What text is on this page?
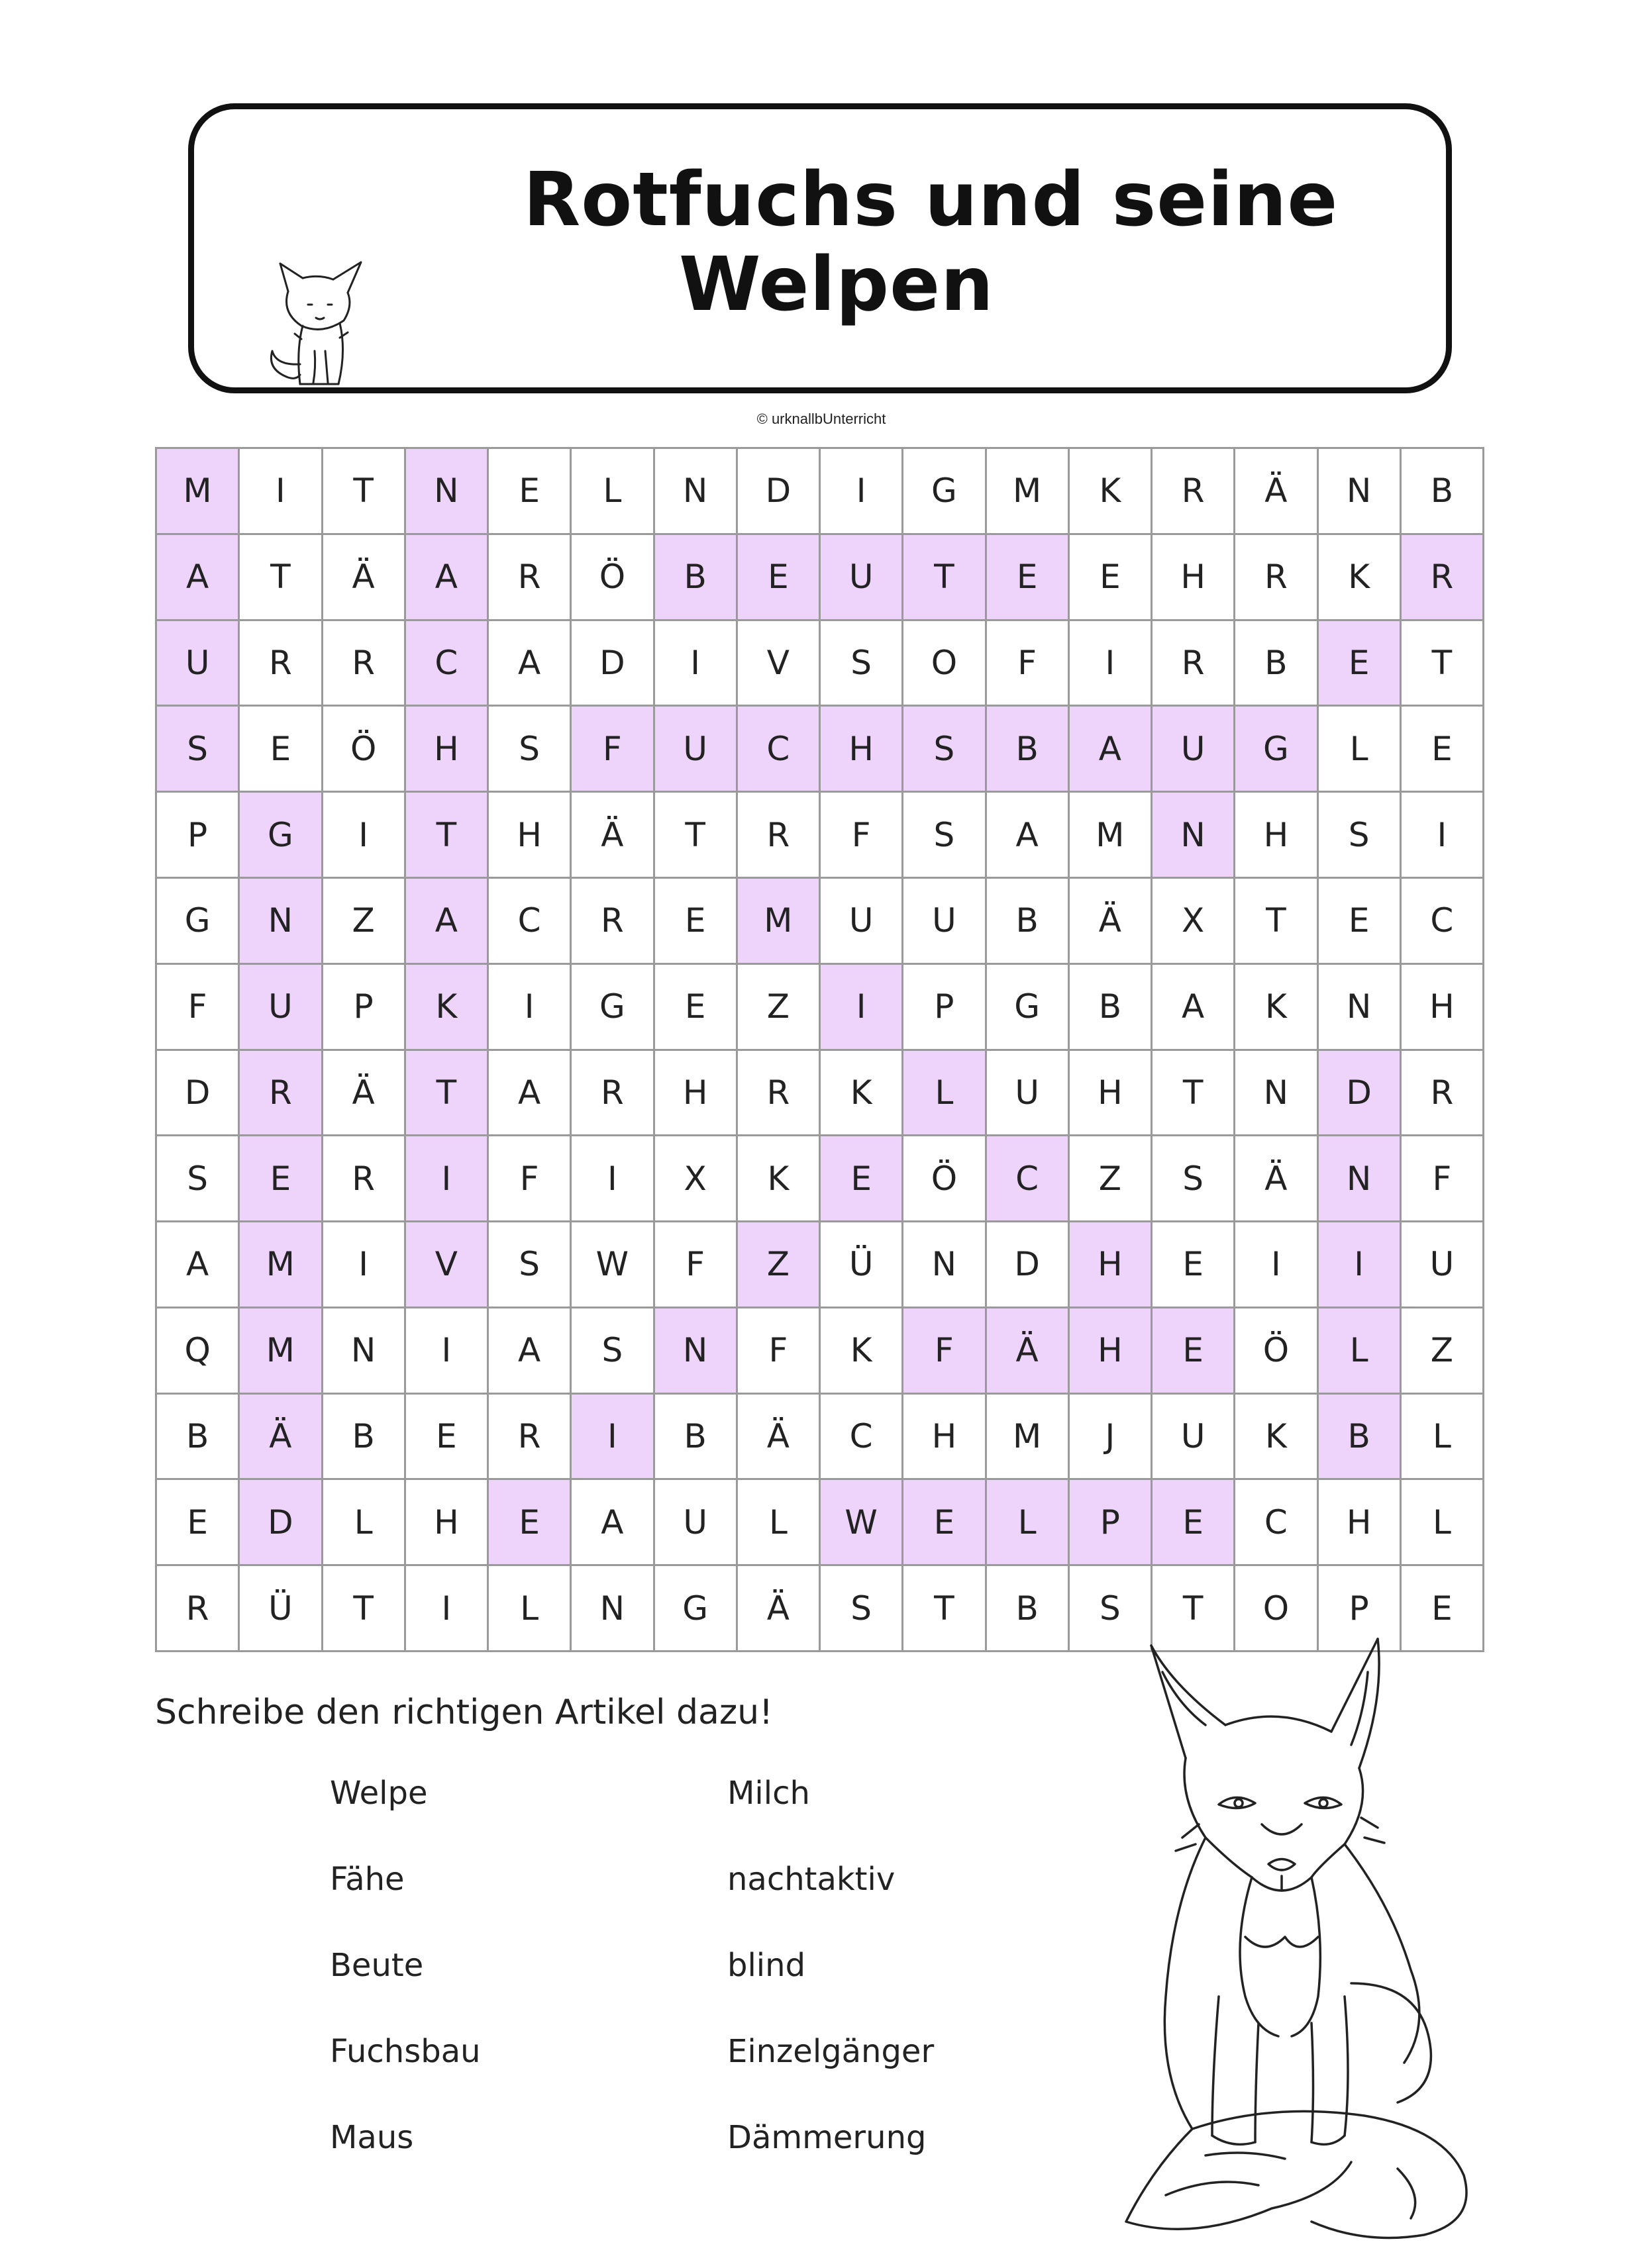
Rotfuchs und seine
Welpen
© urknallbUnterricht
M	I	T	N	E	L	N	D	I	G	M	K	R	Ä	N	B
A	T	Ä	A	R	Ö	B	E	U	T	E	E	H	R	K	R
U	R	R	C	A	D	I	V	S	O	F	I	R	B	E	T
S	E	Ö	H	S	F	U	C	H	S	B	A	U	G	L	E
P	G	I	T	H	Ä	T	R	F	S	A	M	N	H	S	I
G	N	Z	A	C	R	E	M	U	U	B	Ä	X	T	E	C
F	U	P	K	I	G	E	Z	I	P	G	B	A	K	N	H
D	R	Ä	T	A	R	H	R	K	L	U	H	T	N	D	R
S	E	R	I	F	I	X	K	E	Ö	C	Z	S	Ä	N	F
A	M	I	V	S	W	F	Z	Ü	N	D	H	E	I	I	U
Q	M	N	I	A	S	N	F	K	F	Ä	H	E	Ö	L	Z
B	Ä	B	E	R	I	B	Ä	C	H	M	J	U	K	B	L
E	D	L	H	E	A	U	L	W	E	L	P	E	C	H	L
R	Ü	T	I	L	N	G	Ä	S	T	B	S	T	O	P	E
Schreibe den richtigen Artikel dazu!
Welpe
Fähe
Beute
Fuchsbau
Maus
Milch
nachtaktiv
blind
Einzelgänger
Dämmerung
